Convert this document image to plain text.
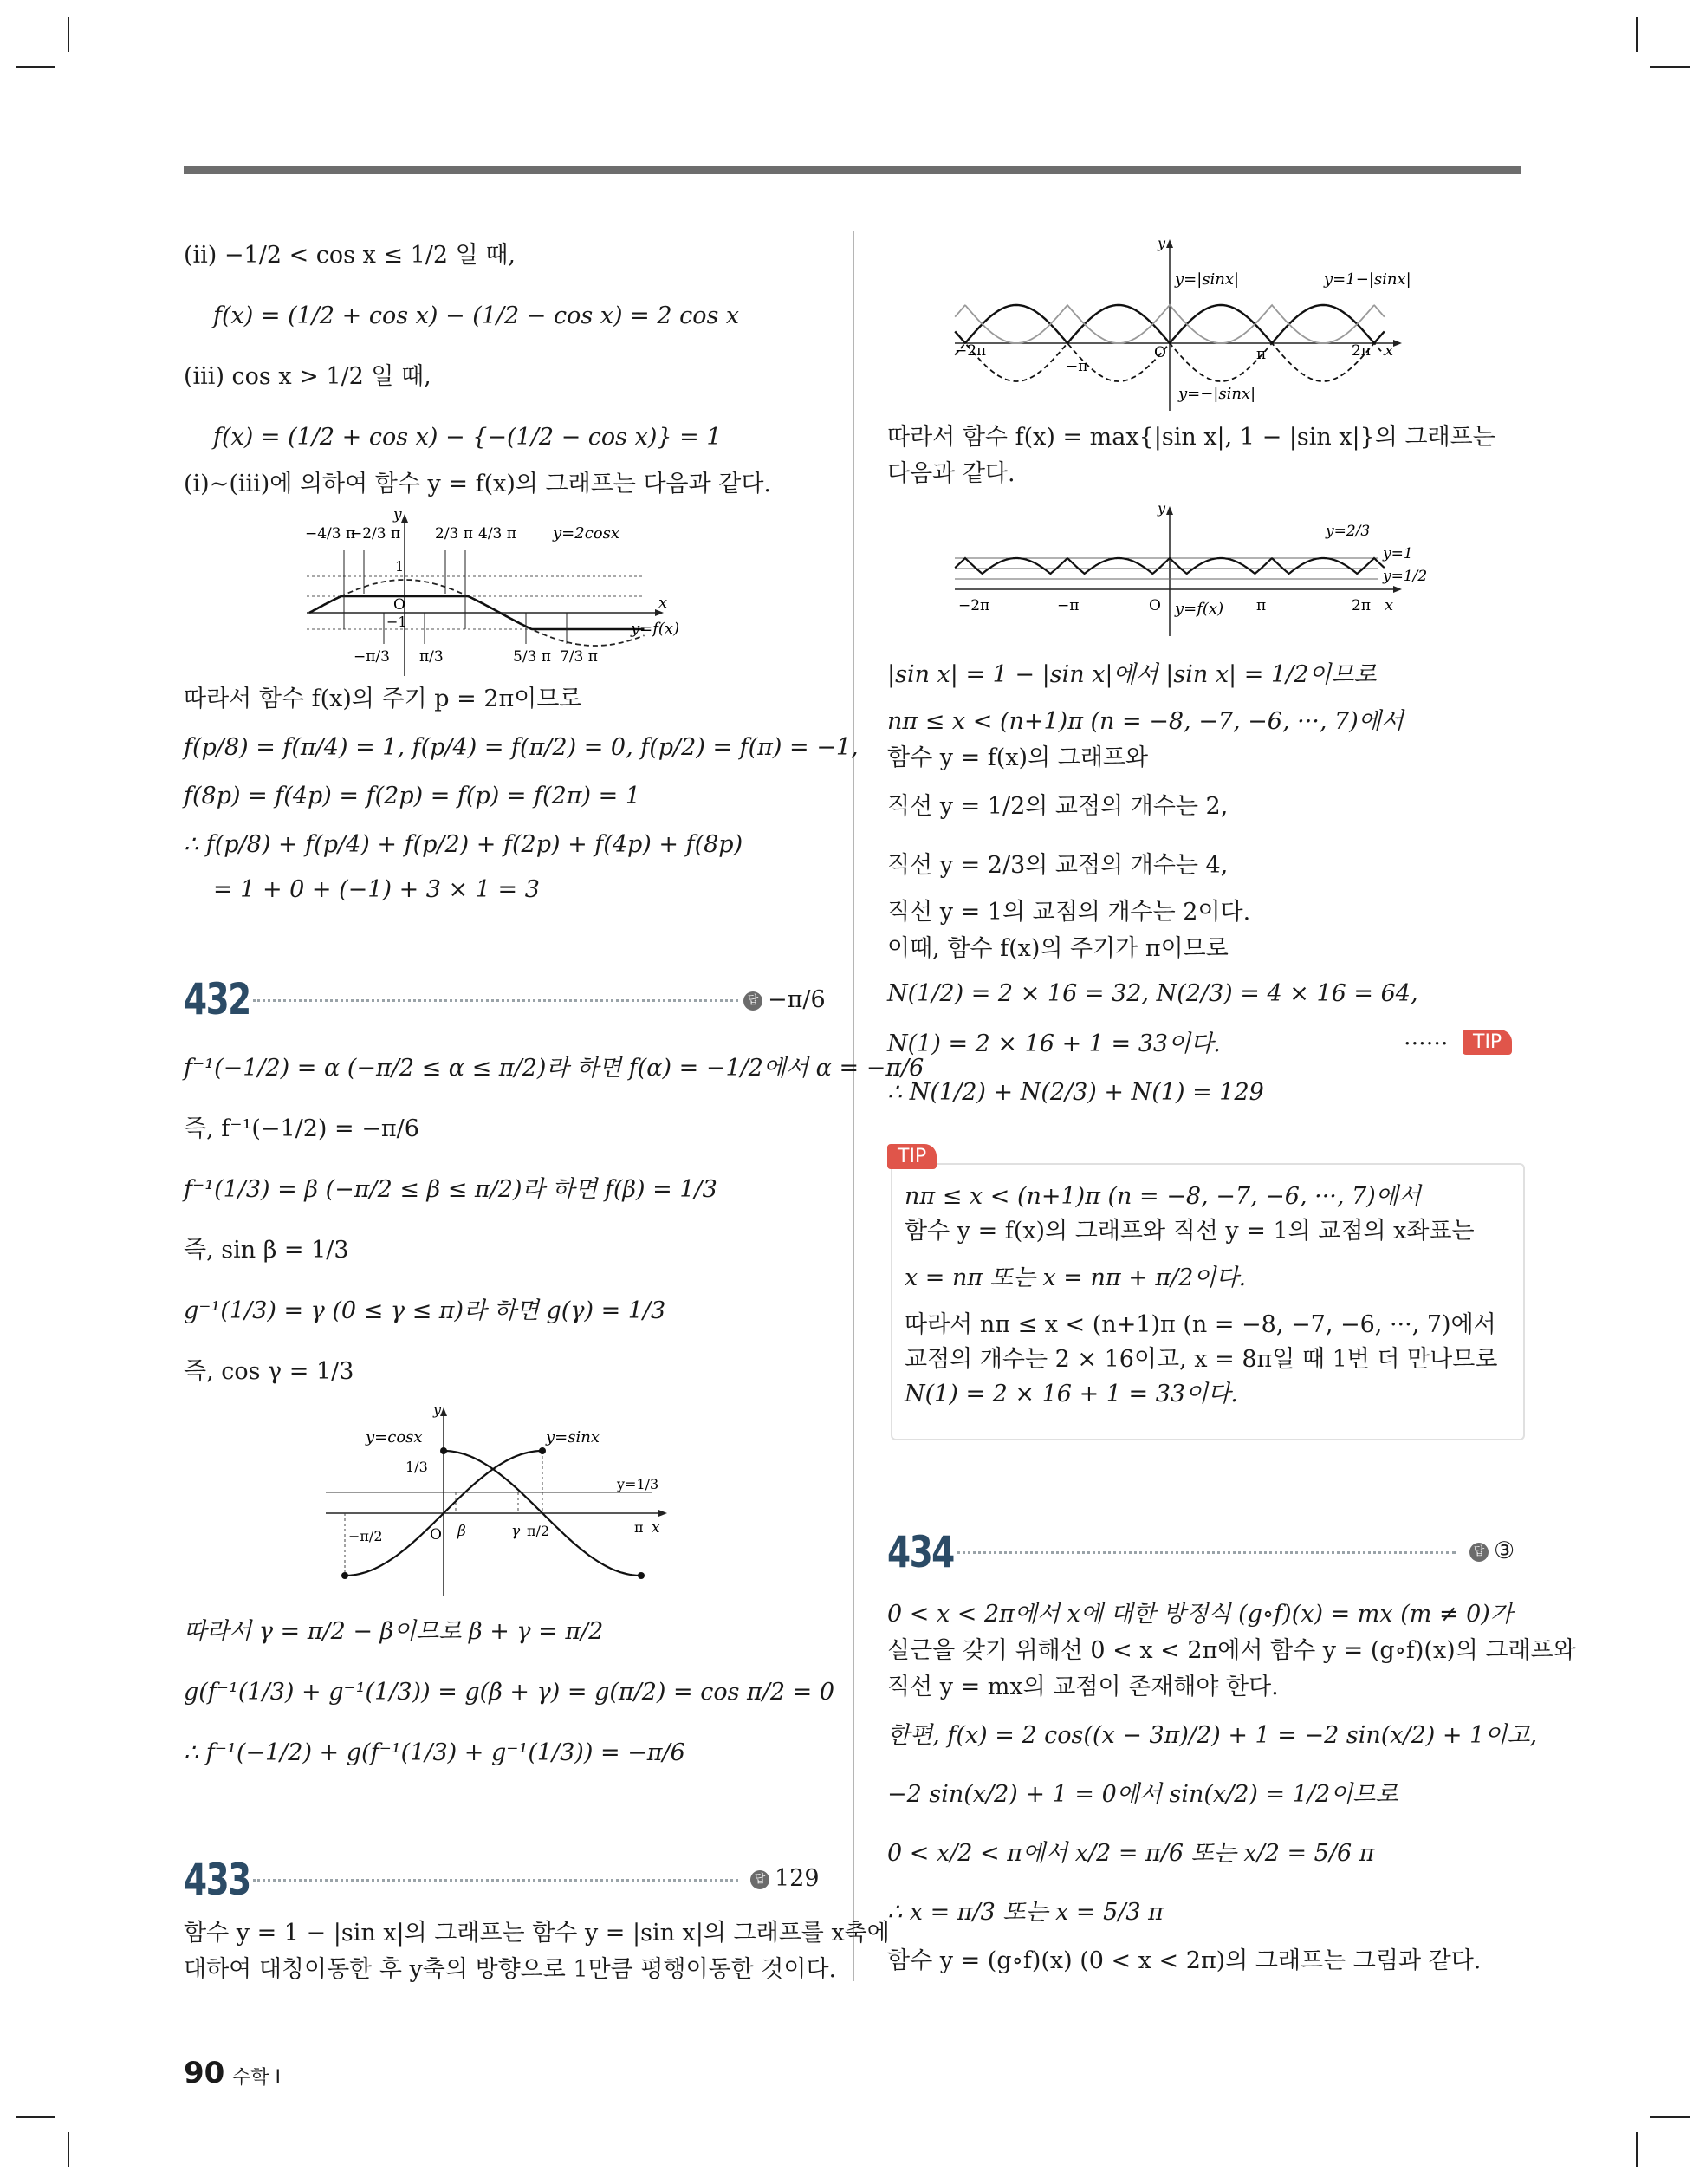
(ii) −1/2 < cos x ≤ 1/2 일 때,
f(x) = (1/2 + cos x) − (1/2 − cos x) = 2 cos x
(iii) cos x > 1/2 일 때,
f(x) = (1/2 + cos x) − {−(1/2 − cos x)} = 1
(i)~(iii)에 의하여 함수 y = f(x)의 그래프는 다음과 같다.
−4/3 π
−2/3 π 2/3 π 4/3 π y=2cosx
y=f(x)
−π/3 π/3	5/3 π 7/3 π
O	x
y
1
−1
따라서 함수 f(x)의 주기 p = 2π이므로
f(p/8) = f(π/4) = 1, f(p/4) = f(π/2) = 0, f(p/2) = f(π) = −1,
f(8p) = f(4p) = f(2p) = f(p) = f(2π) = 1
∴ f(p/8) + f(p/4) + f(p/2) + f(2p) + f(4p) + f(8p)
= 1 + 0 + (−1) + 3 × 1 = 3
432	답 −π/6
f⁻¹(−1/2) = α (−π/2 ≤ α ≤ π/2)라 하면 f(α) = −1/2에서 α = −π/6
즉, f⁻¹(−1/2) = −π/6
f⁻¹(1/3) = β (−π/2 ≤ β ≤ π/2)라 하면 f(β) = 1/3
즉, sin β = 1/3
g⁻¹(1/3) = γ (0 ≤ γ ≤ π)라 하면 g(γ) = 1/3
즉, cos γ = 1/3
y=cosx	y=sinx
1/3
y=1/3
−π/2	O β	γ π/2	π x
y
따라서 γ = π/2 − β이므로 β + γ = π/2
g(f⁻¹(1/3) + g⁻¹(1/3)) = g(β + γ) = g(π/2) = cos π/2 = 0
∴ f⁻¹(−1/2) + g(f⁻¹(1/3) + g⁻¹(1/3)) = −π/6
433	답 129
함수 y = 1 − |sin x|의 그래프는 함수 y = |sin x|의 그래프를 x축에
대하여 대칭이동한 후 y축의 방향으로 1만큼 평행이동한 것이다.
y=|sinx|	y=1−|sinx|
y=−|sinx|
−2π
−π
O	π	2π x
y
따라서 함수 f(x) = max{|sin x|, 1 − |sin x|}의 그래프는
다음과 같다.
y=2/3
y=1
y=1/2
−2π	−π	O y=f(x) π	2π x
y
|sin x| = 1 − |sin x|에서 |sin x| = 1/2이므로
nπ ≤ x < (n+1)π (n = −8, −7, −6, ···, 7)에서
함수 y = f(x)의 그래프와
직선 y = 1/2의 교점의 개수는 2,
직선 y = 2/3의 교점의 개수는 4,
직선 y = 1의 교점의 개수는 2이다.
이때, 함수 f(x)의 주기가 π이므로
N(1/2) = 2 × 16 = 32, N(2/3) = 4 × 16 = 64,
N(1) = 2 × 16 + 1 = 33이다.	······	TIP
∴ N(1/2) + N(2/3) + N(1) = 129
TIP
nπ ≤ x < (n+1)π (n = −8, −7, −6, ···, 7)에서
함수 y = f(x)의 그래프와 직선 y = 1의 교점의 x좌표는
x = nπ 또는 x = nπ + π/2이다.
따라서 nπ ≤ x < (n+1)π (n = −8, −7, −6, ···, 7)에서
교점의 개수는 2 × 16이고, x = 8π일 때 1번 더 만나므로
N(1) = 2 × 16 + 1 = 33이다.
434	답 ③
0 < x < 2π에서 x에 대한 방정식 (g∘f)(x) = mx (m ≠ 0)가
실근을 갖기 위해선 0 < x < 2π에서 함수 y = (g∘f)(x)의 그래프와
직선 y = mx의 교점이 존재해야 한다.
한편, f(x) = 2 cos((x − 3π)/2) + 1 = −2 sin(x/2) + 1이고,
−2 sin(x/2) + 1 = 0에서 sin(x/2) = 1/2이므로
0 < x/2 < π에서 x/2 = π/6 또는 x/2 = 5/6 π
∴ x = π/3 또는 x = 5/3 π
함수 y = (g∘f)(x) (0 < x < 2π)의 그래프는 그림과 같다.
90 수학 I
